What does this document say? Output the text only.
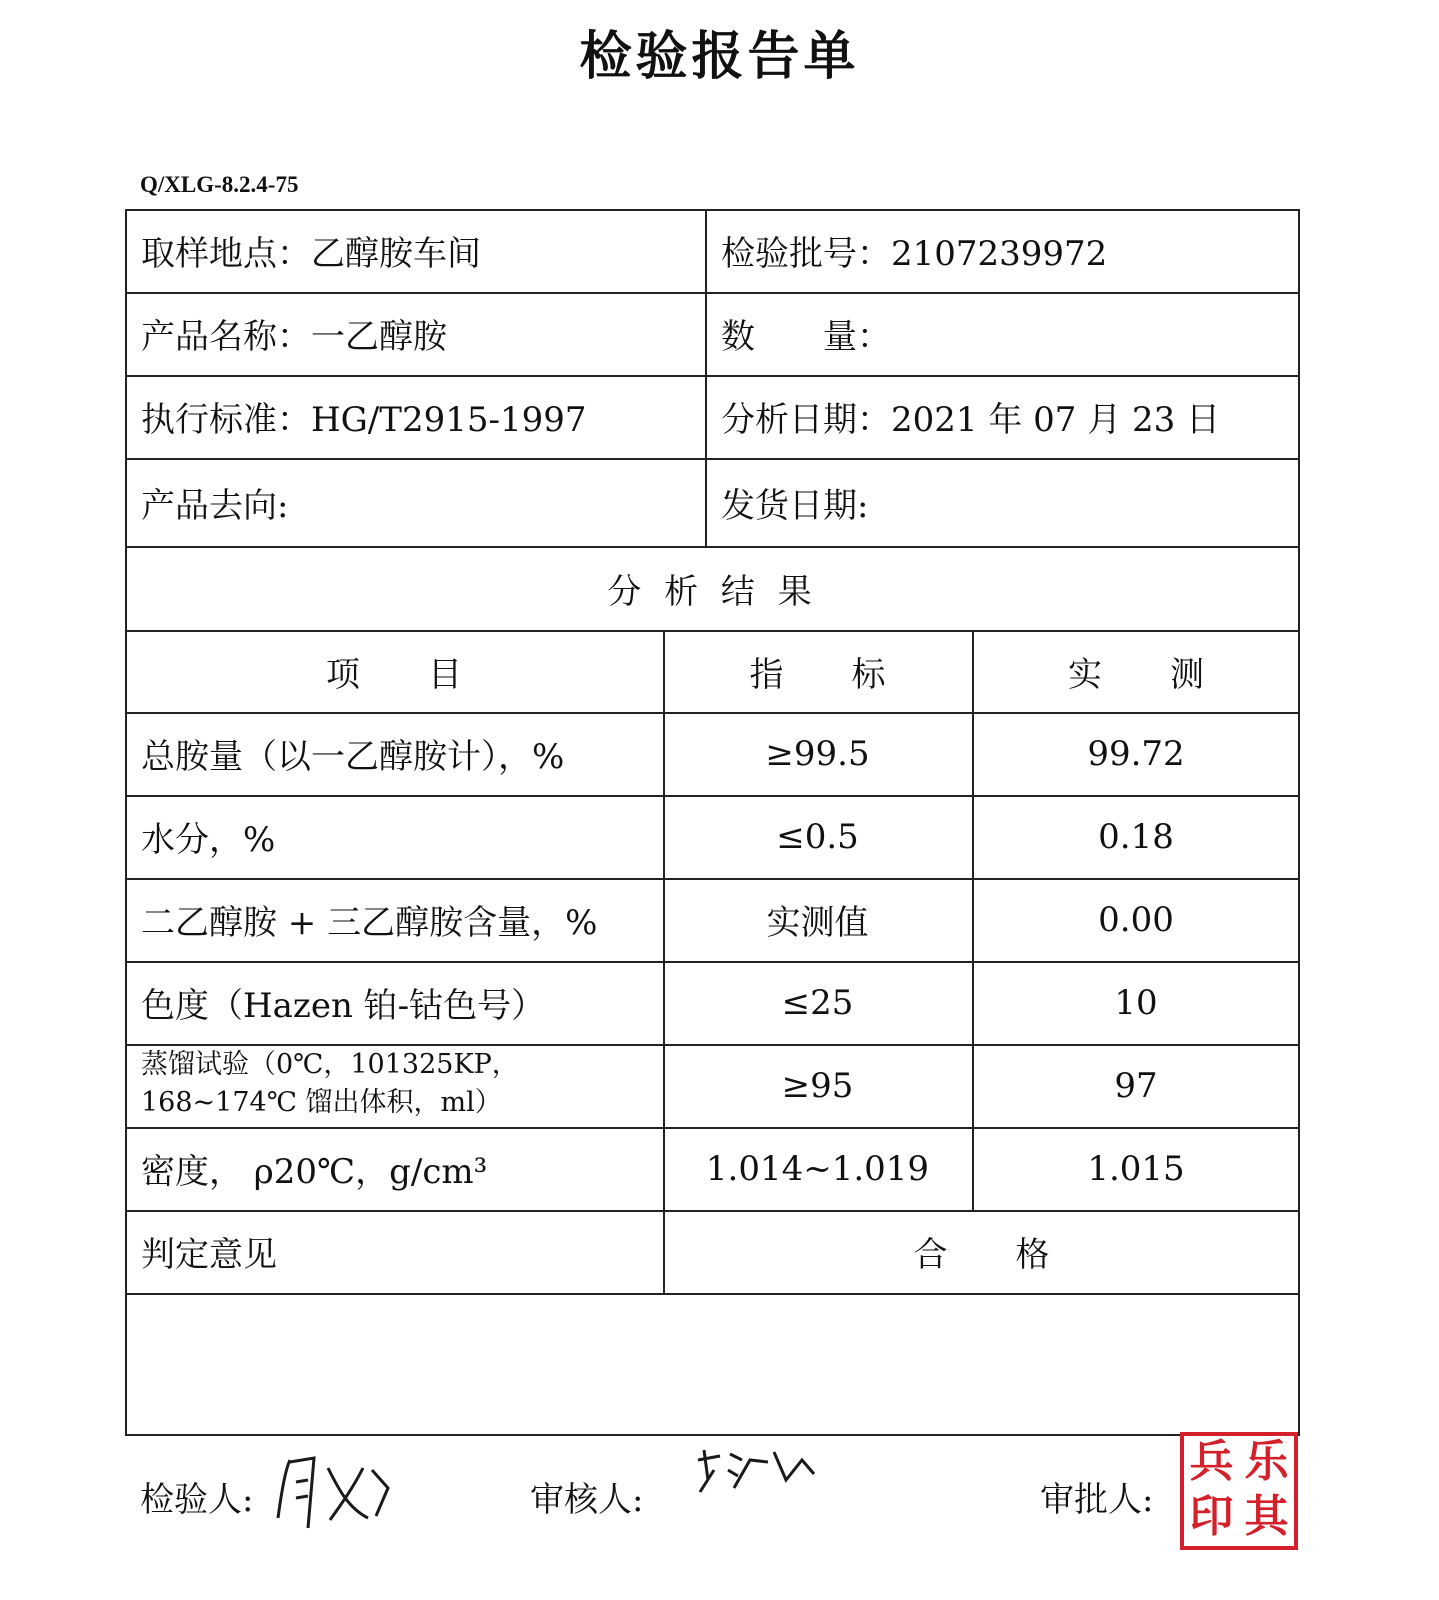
检验报告单
Q/XLG-8.2.4-75
取样地点：乙醇胺车间	检验批号：2107239972
产品名称：一乙醇胺	数　　量：
执行标准：HG/T2915-1997	分析日期：2021 年 07 月 23 日
产品去向:	发货日期:
分 析 结 果
项　　目	指　　标	实　　测
总胺量（以一乙醇胺计），%	≥99.5	99.72
水分，%	≤0.5	0.18
二乙醇胺 + 三乙醇胺含量，%	实测值	0.00
色度（Hazen 铂-钴色号）	≤25	10
蒸馏试验（0℃，101325KP，168~174℃ 馏出体积，ml）	≥95	97
密度， ρ20℃，g/cm³	1.014~1.019	1.015
判定意见	合　　格
检验人:	审核人:	审批人:
兵 乐
印 其
